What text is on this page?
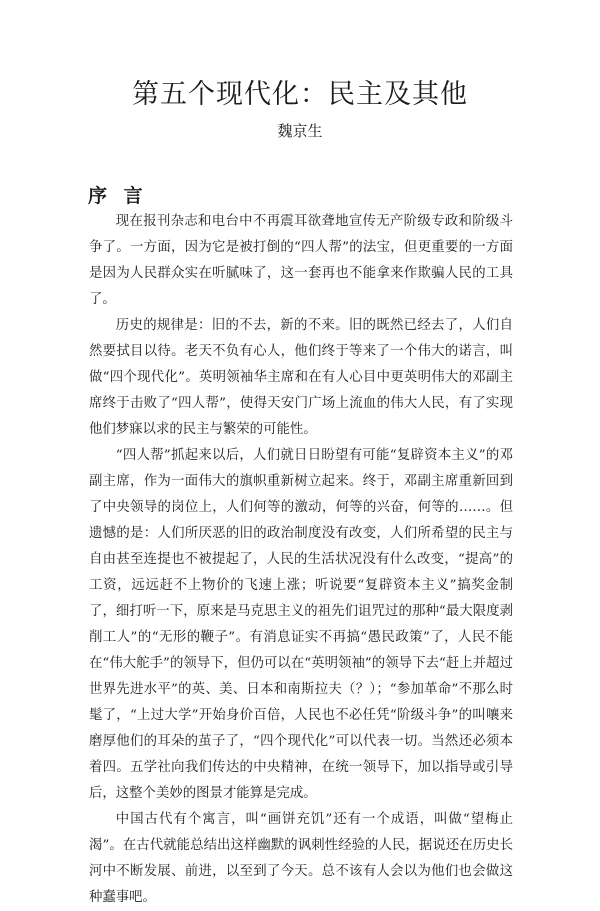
第五个现代化：民主及其他
魏京生
序 言

现在报刊杂志和电台中不再震耳欲聋地宣传无产阶级专政和阶级斗争了。一方面，因为它是被打倒的“四人帮”的法宝，但更重要的一方面是因为人民群众实在听腻味了，这一套再也不能拿来作欺骗人民的工具了。

历史的规律是：旧的不去，新的不来。旧的既然已经去了，人们自然要拭目以待。老天不负有心人，他们终于等来了一个伟大的诺言，叫做“四个现代化”。英明领袖华主席和在有人心目中更英明伟大的邓副主席终于击败了“四人帮”，使得天安门广场上流血的伟大人民，有了实现他们梦寐以求的民主与繁荣的可能性。

“四人帮”抓起来以后，人们就日日盼望有可能“复辟资本主义”的邓副主席，作为一面伟大的旗帜重新树立起来。终于，邓副主席重新回到了中央领导的岗位上，人们何等的激动，何等的兴奋，何等的……。但遗憾的是：人们所厌恶的旧的政治制度没有改变，人们所希望的民主与自由甚至连提也不被提起了，人民的生活状况没有什么改变，“提高”的工资，远远赶不上物价的飞速上涨；听说要“复辟资本主义”搞奖金制了，细打听一下，原来是马克思主义的祖先们诅咒过的那种“最大限度剥削工人”的“无形的鞭子”。有消息证实不再搞“愚民政策”了，人民不能在“伟大舵手”的领导下，但仍可以在“英明领袖”的领导下去“赶上并超过世界先进水平”的英、美、日本和南斯拉夫（？）；“参加革命”不那么时髦了，“上过大学”开始身价百倍，人民也不必任凭“阶级斗争”的叫嚷来磨厚他们的耳朵的茧子了，“四个现代化”可以代表一切。当然还必须本着四。五学社向我们传达的中央精神，在统一领导下，加以指导或引导后，这整个美妙的图景才能算是完成。

中国古代有个寓言，叫“画饼充饥”还有一个成语，叫做“望梅止渴”。在古代就能总结出这样幽默的讽刺性经验的人民，据说还在历史长河中不断发展、前进，以至到了今天。总不该有人会以为他们也会做这种蠢事吧。
